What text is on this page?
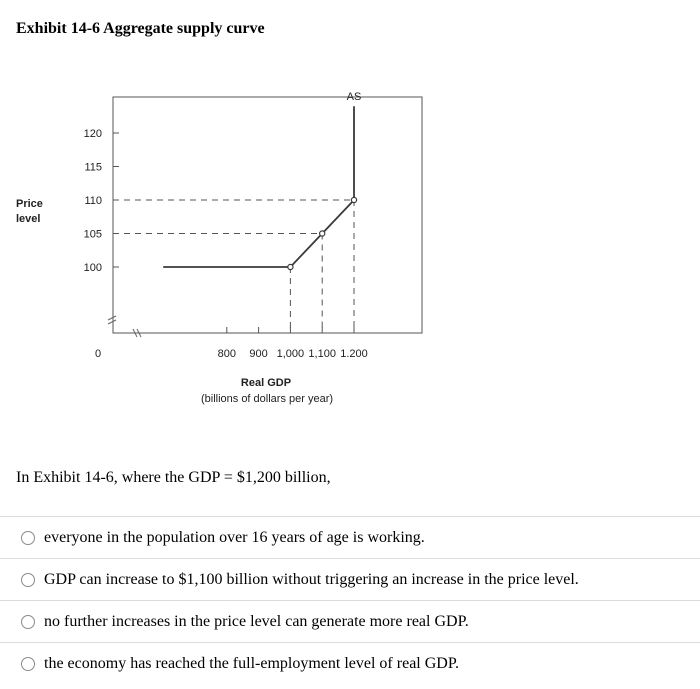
Exhibit 14-6 Aggregate supply curve
AS
100
105
110
115
120
800 900 1,000 1,100 1.200
Price
level
0
Real GDP
(billions of dollars per year)
In Exhibit 14-6, where the GDP = $1,200 billion,
everyone in the population over 16 years of age is working.
GDP can increase to $1,100 billion without triggering an increase in the price level.
no further increases in the price level can generate more real GDP.
the economy has reached the full-employment level of real GDP.
